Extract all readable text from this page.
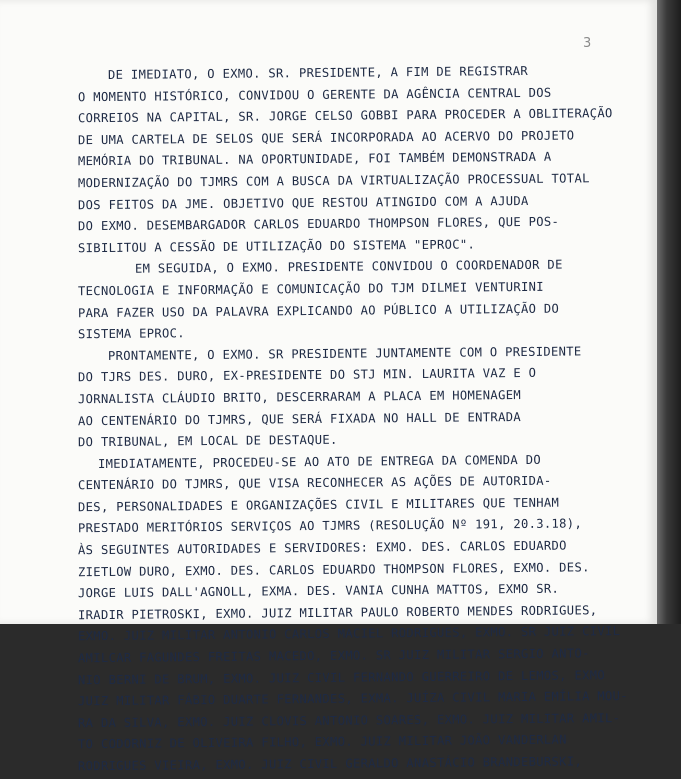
3
DE IMEDIATO, O EXMO. SR. PRESIDENTE, A FIM DE REGISTRAR
O MOMENTO HISTÓRICO, CONVIDOU O GERENTE DA AGÊNCIA CENTRAL DOS
CORREIOS NA CAPITAL, SR. JORGE CELSO GOBBI PARA PROCEDER A OBLITERAÇÃO
DE UMA CARTELA DE SELOS QUE SERÁ INCORPORADA AO ACERVO DO PROJETO
MEMÓRIA DO TRIBUNAL. NA OPORTUNIDADE, FOI TAMBÉM DEMONSTRADA A
MODERNIZAÇÃO DO TJMRS COM A BUSCA DA VIRTUALIZAÇÃO PROCESSUAL TOTAL
DOS FEITOS DA JME. OBJETIVO QUE RESTOU ATINGIDO COM A AJUDA
DO EXMO. DESEMBARGADOR CARLOS EDUARDO THOMPSON FLORES, QUE POS-
SIBILITOU A CESSÃO DE UTILIZAÇÃO DO SISTEMA "EPROC".
EM SEGUIDA, O EXMO. PRESIDENTE CONVIDOU O COORDENADOR DE
TECNOLOGIA E INFORMAÇÃO E COMUNICAÇÃO DO TJM DILMEI VENTURINI
PARA FAZER USO DA PALAVRA EXPLICANDO AO PÚBLICO A UTILIZAÇÃO DO
SISTEMA EPROC.
PRONTAMENTE, O EXMO. SR PRESIDENTE JUNTAMENTE COM O PRESIDENTE
DO TJRS DES. DURO, EX-PRESIDENTE DO STJ MIN. LAURITA VAZ E O
JORNALISTA CLÁUDIO BRITO, DESCERRARAM A PLACA EM HOMENAGEM
AO CENTENÁRIO DO TJMRS, QUE SERÁ FIXADA NO HALL DE ENTRADA
DO TRIBUNAL, EM LOCAL DE DESTAQUE.
IMEDIATAMENTE, PROCEDEU-SE AO ATO DE ENTREGA DA COMENDA DO
CENTENÁRIO DO TJMRS, QUE VISA RECONHECER AS AÇÕES DE AUTORIDA-
DES, PERSONALIDADES E ORGANIZAÇÕES CIVIL E MILITARES QUE TENHAM
PRESTADO MERITÓRIOS SERVIÇOS AO TJMRS (RESOLUÇÃO Nº 191, 20.3.18),
ÀS SEGUINTES AUTORIDADES E SERVIDORES: EXMO. DES. CARLOS EDUARDO
ZIETLOW DURO, EXMO. DES. CARLOS EDUARDO THOMPSON FLORES, EXMO. DES.
JORGE LUIS DALL'AGNOLL, EXMA. DES. VANIA CUNHA MATTOS, EXMO SR.
IRADIR PIETROSKI, EXMO. JUIZ MILITAR PAULO ROBERTO MENDES RODRIGUES,
EXMO. JUIZ MILITAR ANTONIO CARLOS MACIEL RODRIGUES, EXMO. SR JUIZ CIVIL
AMILCAR FAGUNDES FREITAS MACEDO, EXMO. SR JUIZ MILITAR SERGIO ANTO-
NIO BERNI DE BRUM, EXMO. JUIZ CIVIL FERNANDO GUERREIRO DE LEMOS, EXMO
JUIZ MILITAR FÁBIO DUARTE FERNANDES, EXMA. JUÍZA CIVIL MARIA EMÍLIA MOU-
RA DA SILVA, EXMO. JUIZ CLOVIS ANTONIO SOARES, EXMO. JUIZ MILITAR AMIL-
TO CODORNIZ DE OLIVEIRA FILHO, EXMO. JUIZ MILITAR JOÃO VANDERLAN
RODRIGUES VIEIRA, EXMO. JUIZ CIVIL GERALDO ANASTÁCIO BRANDEBURSKI,
